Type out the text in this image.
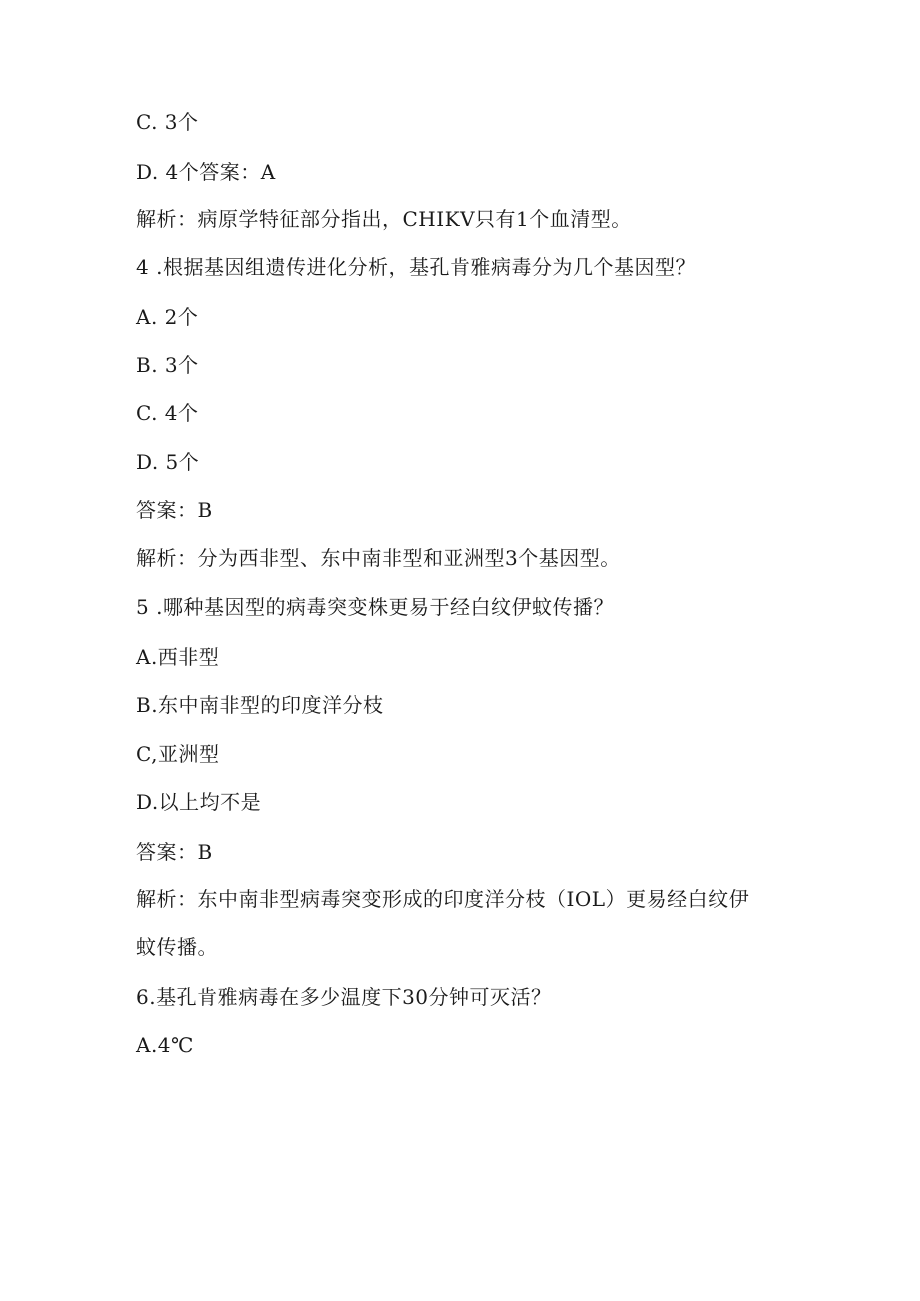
C. 3个
D. 4个答案：A
解析：病原学特征部分指出，CHIKV只有1个血清型。
4 .根据基因组遗传进化分析，基孔肯雅病毒分为几个基因型？
A. 2个
B. 3个
C. 4个
D. 5个
答案：B
解析：分为西非型、东中南非型和亚洲型3个基因型。
5 .哪种基因型的病毒突变株更易于经白纹伊蚊传播？
A.西非型
B.东中南非型的印度洋分枝
C,亚洲型
D.以上均不是
答案：B
解析：东中南非型病毒突变形成的印度洋分枝（IOL）更易经白纹伊
蚊传播。
6.基孔肯雅病毒在多少温度下30分钟可灭活？
A.4℃
